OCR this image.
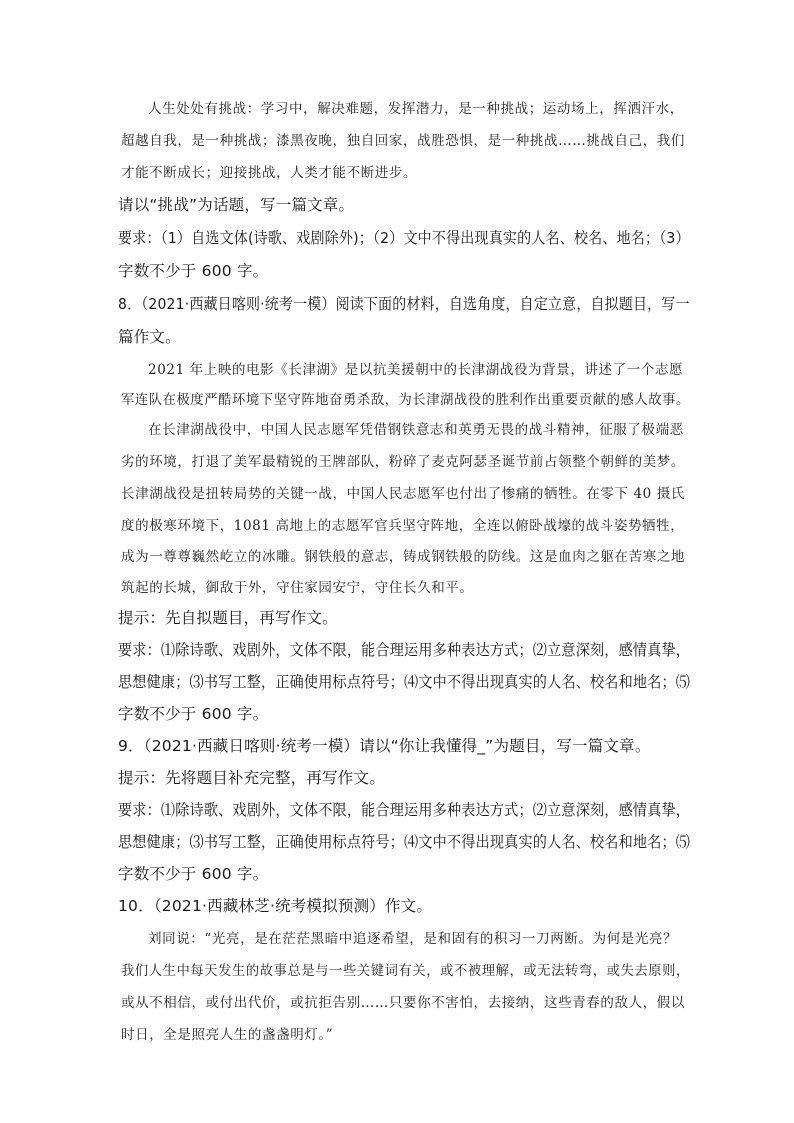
人生处处有挑战：学习中，解决难题，发挥潜力，是一种挑战；运动场上，挥洒汗水，
超越自我，是一种挑战；漆黑夜晚，独自回家，战胜恐惧，是一种挑战……挑战自己，我们
才能不断成长；迎接挑战，人类才能不断进步。
请以“挑战”为话题，写一篇文章。
要求：（1）自选文体(诗歌、戏剧除外)；（2）文中不得出现真实的人名、校名、地名；（3）
字数不少于 600 字。
8．（2021·西藏日喀则·统考一模）阅读下面的材料，自选角度，自定立意，自拟题目，写一
篇作文。
2021 年上映的电影《长津湖》是以抗美援朝中的长津湖战役为背景，讲述了一个志愿
军连队在极度严酷环境下坚守阵地奋勇杀敌，为长津湖战役的胜利作出重要贡献的感人故事。
在长津湖战役中，中国人民志愿军凭借钢铁意志和英勇无畏的战斗精神，征服了极端恶
劣的环境，打退了美军最精锐的王牌部队，粉碎了麦克阿瑟圣诞节前占领整个朝鲜的美梦。
长津湖战役是扭转局势的关键一战，中国人民志愿军也付出了惨痛的牺牲。在零下 40 摄氏
度的极寒环境下，1081 高地上的志愿军官兵坚守阵地，全连以俯卧战壕的战斗姿势牺牲，
成为一尊尊巍然屹立的冰雕。钢铁般的意志，铸成钢铁般的防线。这是血肉之躯在苦寒之地
筑起的长城，御敌于外，守住家园安宁，守住长久和平。
提示：先自拟题目，再写作文。
要求：⑴除诗歌、戏剧外，文体不限，能合理运用多种表达方式；⑵立意深刻，感情真挚，
思想健康；⑶书写工整，正确使用标点符号；⑷文中不得出现真实的人名、校名和地名；⑸
字数不少于 600 字。
9．（2021·西藏日喀则·统考一模）请以“你让我懂得_”为题目，写一篇文章。
提示：先将题目补充完整，再写作文。
要求：⑴除诗歌、戏剧外，文体不限，能合理运用多种表达方式；⑵立意深刻，感情真挚，
思想健康；⑶书写工整，正确使用标点符号；⑷文中不得出现真实的人名、校名和地名；⑸
字数不少于 600 字。
10．（2021·西藏林芝·统考模拟预测）作文。
刘同说：“光亮，是在茫茫黑暗中追逐希望，是和固有的积习一刀两断。为何是光亮？
我们人生中每天发生的故事总是与一些关键词有关，或不被理解，或无法转弯，或失去原则，
或从不相信，或付出代价，或抗拒告别……只要你不害怕，去接纳，这些青春的敌人，假以
时日，全是照亮人生的盏盏明灯。”
